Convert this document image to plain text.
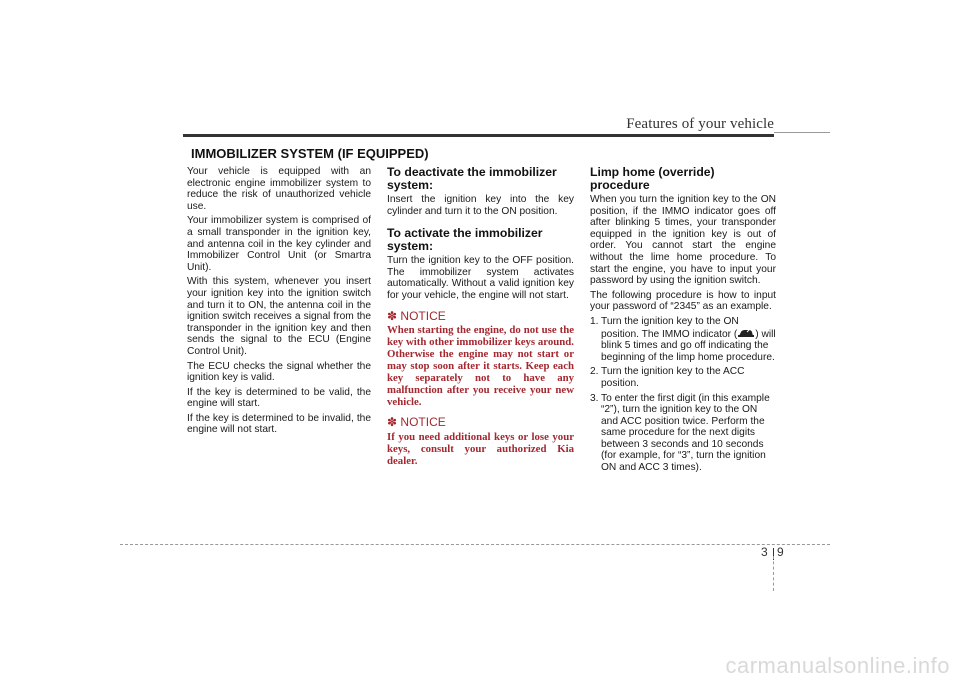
Features of your vehicle
IMMOBILIZER SYSTEM (IF EQUIPPED)

Your vehicle is equipped with an electronic engine immobilizer system to reduce the risk of unauthorized vehicle use.

Your immobilizer system is comprised of a small transponder in the ignition key, and antenna coil in the key cylinder and Immobilizer Control Unit (or Smartra Unit).

With this system, whenever you insert your ignition key into the ignition switch and turn it to ON, the antenna coil in the ignition switch receives a signal from the transponder in the ignition key and then sends the signal to the ECU (Engine Control Unit).

The ECU checks the signal whether the ignition key is valid.

If the key is determined to be valid, the engine will start.

If the key is determined to be invalid, the engine will not start.

To deactivate the immobilizer system:

Insert the ignition key into the key cylinder and turn it to the ON position.

To activate the immobilizer system:

Turn the ignition key to the OFF position. The immobilizer system activates automatically. Without a valid ignition key for your vehicle, the engine will not start.

✽ NOTICE

When starting the engine, do not use the key with other immobilizer keys around. Otherwise the engine may not start or may stop soon after it starts. Keep each key separately not to have any malfunction after you receive your new vehicle.

✽ NOTICE

If you need additional keys or lose your keys, consult your authorized Kia dealer.

Limp home (override) procedure

When you turn the ignition key to the ON position, if the IMMO indicator goes off after blinking 5 times, your transponder equipped in the ignition key is out of order. You cannot start the engine without the lime home procedure. To start the engine, you have to input your password by using the ignition switch.

The following procedure is how to input your password of “2345” as an example.

1. Turn the ignition key to the ON position. The IMMO indicator ( ) will blink 5 times and go off indicating the beginning of the limp home procedure.
2. Turn the ignition key to the ACC position.
3. To enter the first digit (in this example “2”), turn the ignition key to the ON and ACC position twice. Perform the same procedure for the next digits between 3 seconds and 10 seconds (for example, for “3”, turn the ignition ON and ACC 3 times).
3 9
carmanualsonline.info
